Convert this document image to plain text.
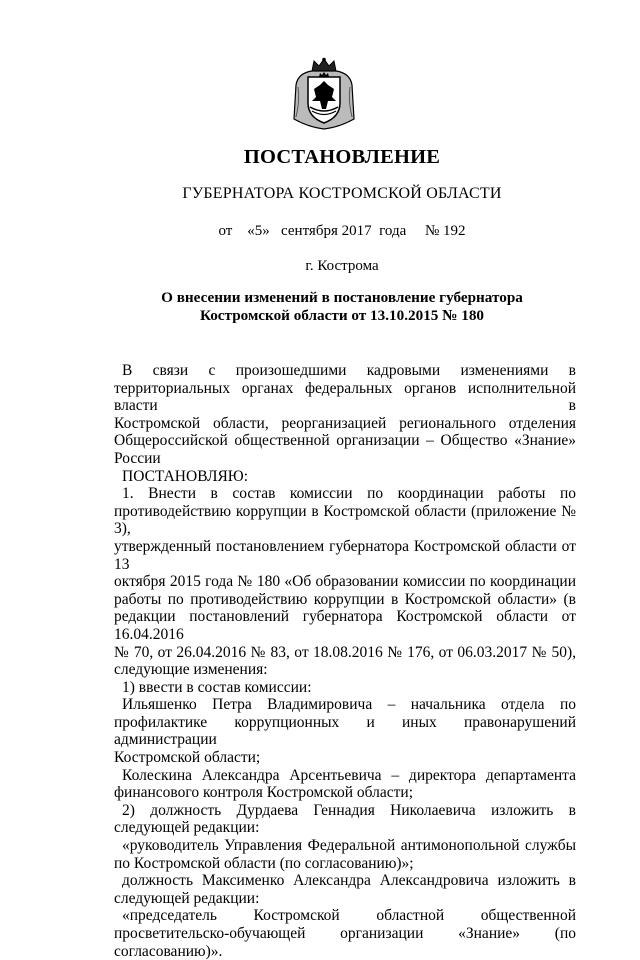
ПОСТАНОВЛЕНИЕ
ГУБЕРНАТОРА КОСТРОМСКОЙ ОБЛАСТИ
от «5» сентября 2017  года № 192
г. Кострома
О внесении изменений в постановление губернатора
Костромской области от 13.10.2015 № 180

В связи с произошедшими кадровыми изменениями в

территориальных органах федеральных органов исполнительной власти в

Костромской области, реорганизацией регионального отделения

Общероссийской общественной организации – Общество «Знание» России

ПОСТАНОВЛЯЮ:

1. Внести в состав комиссии по координации работы по

противодействию коррупции в Костромской области (приложение № 3),

утвержденный постановлением губернатора Костромской области от 13

октября 2015 года № 180 «Об образовании комиссии по координации

работы по противодействию коррупции в Костромской области» (в

редакции постановлений губернатора Костромской области от 16.04.2016

№ 70, от 26.04.2016 № 83, от 18.08.2016 № 176, от 06.03.2017 № 50),

следующие изменения:

1) ввести в состав комиссии:

Ильяшенко Петра Владимировича – начальника отдела по

профилактике коррупционных и иных правонарушений администрации

Костромской области;

Колескина Александра Арсентьевича – директора департамента

финансового контроля Костромской области;

2) должность Дурдаева Геннадия Николаевича изложить в

следующей редакции:

«руководитель Управления Федеральной антимонопольной службы

по Костромской области (по согласованию)»;

должность Максименко Александра Александровича изложить в

следующей редакции:

«председатель Костромской областной общественной

просветительско-обучающей организации «Знание» (по согласованию)».
